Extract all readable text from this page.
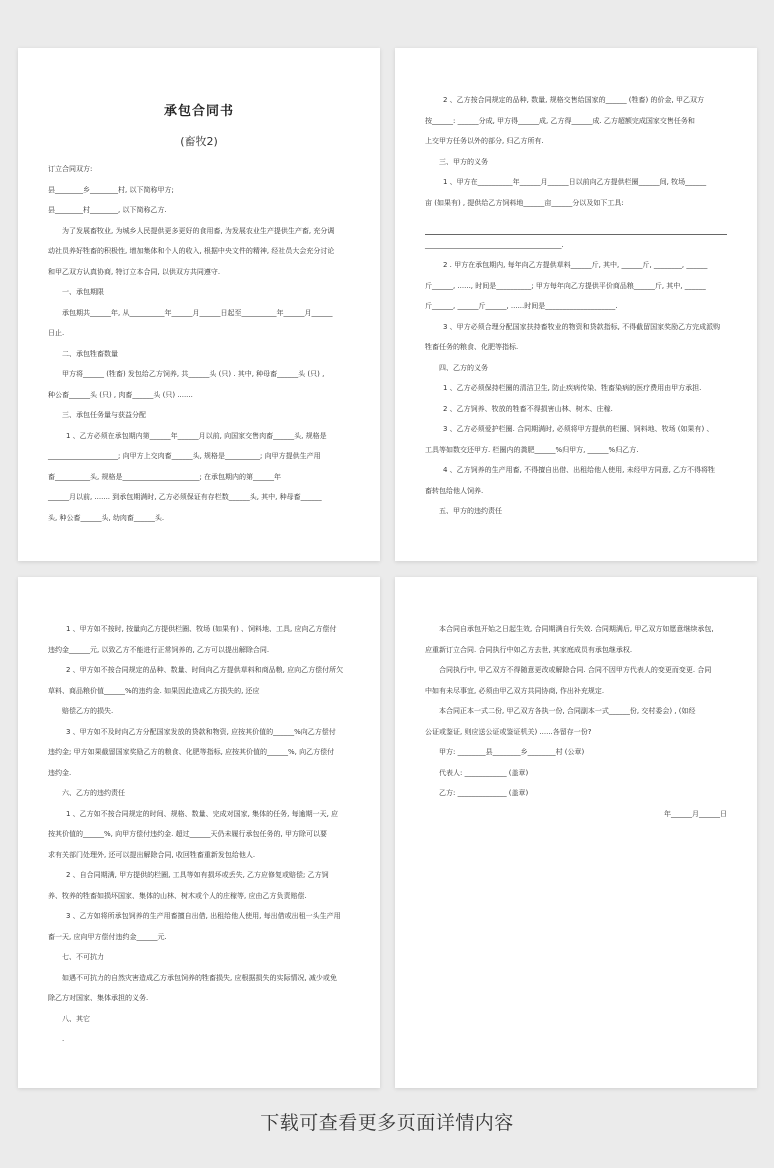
承包合同书
(畜牧2)
订立合同双方:
县________乡________村, 以下简称甲方;
县________村________, 以下简称乙方.
为了发展畜牧业, 为城乡人民提供更多更好的食用畜, 为发展农业生产提供生产畜, 充分调
动社员养好牲畜的积极性, 增加集体和个人的收入, 根据中央文件的精神, 经社员大会充分讨论
和甲乙双方认真协商, 特订立本合同, 以供双方共同遵守.
一、承包期限
承包期共______年, 从__________年______月______日起至__________年______月______
日止.
二、承包牲畜数量
甲方将______ (牲畜) 发包给乙方饲养, 共______头 (只) . 其中, 种母畜______头 (只) ,
种公畜______头 (只) , 肉畜______头 (只) .......
三、承包任务量与获益分配
1 、乙方必须在承包期内第______年______月以前, 向国家交售肉畜______头, 规格是
____________________; 向甲方上交肉畜______头, 规格是__________; 向甲方提供生产用
畜__________头, 规格是______________________; 在承包期内的第______年
______月以前, ....... 到承包期满时, 乙方必须保证有存栏数______头, 其中, 种母畜______
头, 种公畜______头, 幼肉畜______头.
2 、乙方按合同规定的品种, 数量, 规格交售给国家的______ (牲畜) 的价金, 甲乙双方
按______: ______分成, 甲方得______成, 乙方得______成. 乙方超额完成国家交售任务和
上交甲方任务以外的部分, 归乙方所有.
三、甲方的义务
1 、甲方在__________年______月______日以前向乙方提供栏圈______间, 牧场______
亩 (如果有) , 提供给乙方饲料地______亩______分以及如下工具:
_______________________________________.
2 . 甲方在承包期内, 每年向乙方提供草料______斤, 其中, ______斤, ________, ______
斤______, ......, 时间是__________; 甲方每年向乙方提供平价商品粮______斤, 其中, ______
斤______, ______斤______, ......时间是____________________.
3 、甲方必须合理分配国家扶持畜牧业的物资和贷款指标, 不得截留国家奖励乙方完成派购
牲畜任务的粮食、化肥等指标.
四、乙方的义务
1 、乙方必须保持栏圈的清洁卫生, 防止疾病传染、牲畜染病的医疗费用由甲方承担.
2 、乙方饲养、牧放的牲畜不得损害山林、树木、庄稼.
3 、乙方必须爱护栏圈. 合同期满时, 必须将甲方提供的栏圈、饲料地、牧场 (如果有) 、
工具等如数交还甲方. 栏圈内的粪肥______%归甲方, ______%归乙方.
4 、乙方饲养的生产用畜, 不得擅自出借、出租给他人使用, 未经甲方同意, 乙方不得将牲
畜转包给他人饲养.
五、甲方的违约责任
1 、甲方如不按时, 按量向乙方提供栏圈、牧场 (如果有) 、饲料地、工具, 应向乙方偿付
违约金______元, 以致乙方不能进行正常饲养的, 乙方可以提出解除合同.
2 、甲方如不按合同规定的品种、数量、时间向乙方提供草料和商品粮, 应向乙方偿付所欠
草料、商品粮价值______%的违约金. 如果因此造成乙方损失的, 还应
赔偿乙方的损失.
3 、甲方如不及时向乙方分配国家发放的贷款和物资, 应按其价值的______%向乙方偿付
违约金; 甲方如果截留国家奖励乙方的粮食、化肥等指标, 应按其价值的______%, 向乙方偿付
违约金.
六、乙方的违约责任
1 、乙方如不按合同规定的时间、规格、数量、完成对国家, 集体的任务, 每逾期一天, 应
按其价值的______%, 向甲方偿付违约金. 超过______天仍未履行承包任务的, 甲方除可以要
求有关部门处理外, 还可以提出解除合同, 收回牲畜重新发包给他人.
2 、自合同期满, 甲方提供的栏圈, 工具等如有损坏或丢失, 乙方应修复或赔偿; 乙方饲
养、牧养的牲畜如损坏国家、集体的山林、树木或个人的庄稼等, 应由乙方负责赔偿.
3 、乙方如将所承包饲养的生产用畜擅自出借, 出租给他人使用, 每出借或出租一头生产用
畜一天, 应向甲方偿付违约金______元.
七、不可抗力
如遇不可抗力的自然灾害造成乙方承包饲养的牲畜损失, 应根据损失的实际情况, 减少或免
除乙方对国家、集体承担的义务.
八、其它
.
本合同自承包开始之日起生效, 合同期满自行失效. 合同期满后, 甲乙双方如愿意继续承包,
应重新订立合同. 合同执行中如乙方去世, 其家庭成员有承包继承权.
合同执行中, 甲乙双方不得随意更改或解除合同. 合同不因甲方代表人的变更而变更. 合同
中如有未尽事宜, 必须由甲乙双方共同协商, 作出补充规定.
本合同正本一式二份, 甲乙双方各执一份, 合同副本一式______份, 交村委会) , (如经
公证或鉴证, 则应送公证或鉴证机关) ......各留存一份?
甲方: ________县________乡________村 (公章)
代表人: ____________ (盖章)
乙方: ______________ (盖章)
年______月______日
下载可查看更多页面详情内容
